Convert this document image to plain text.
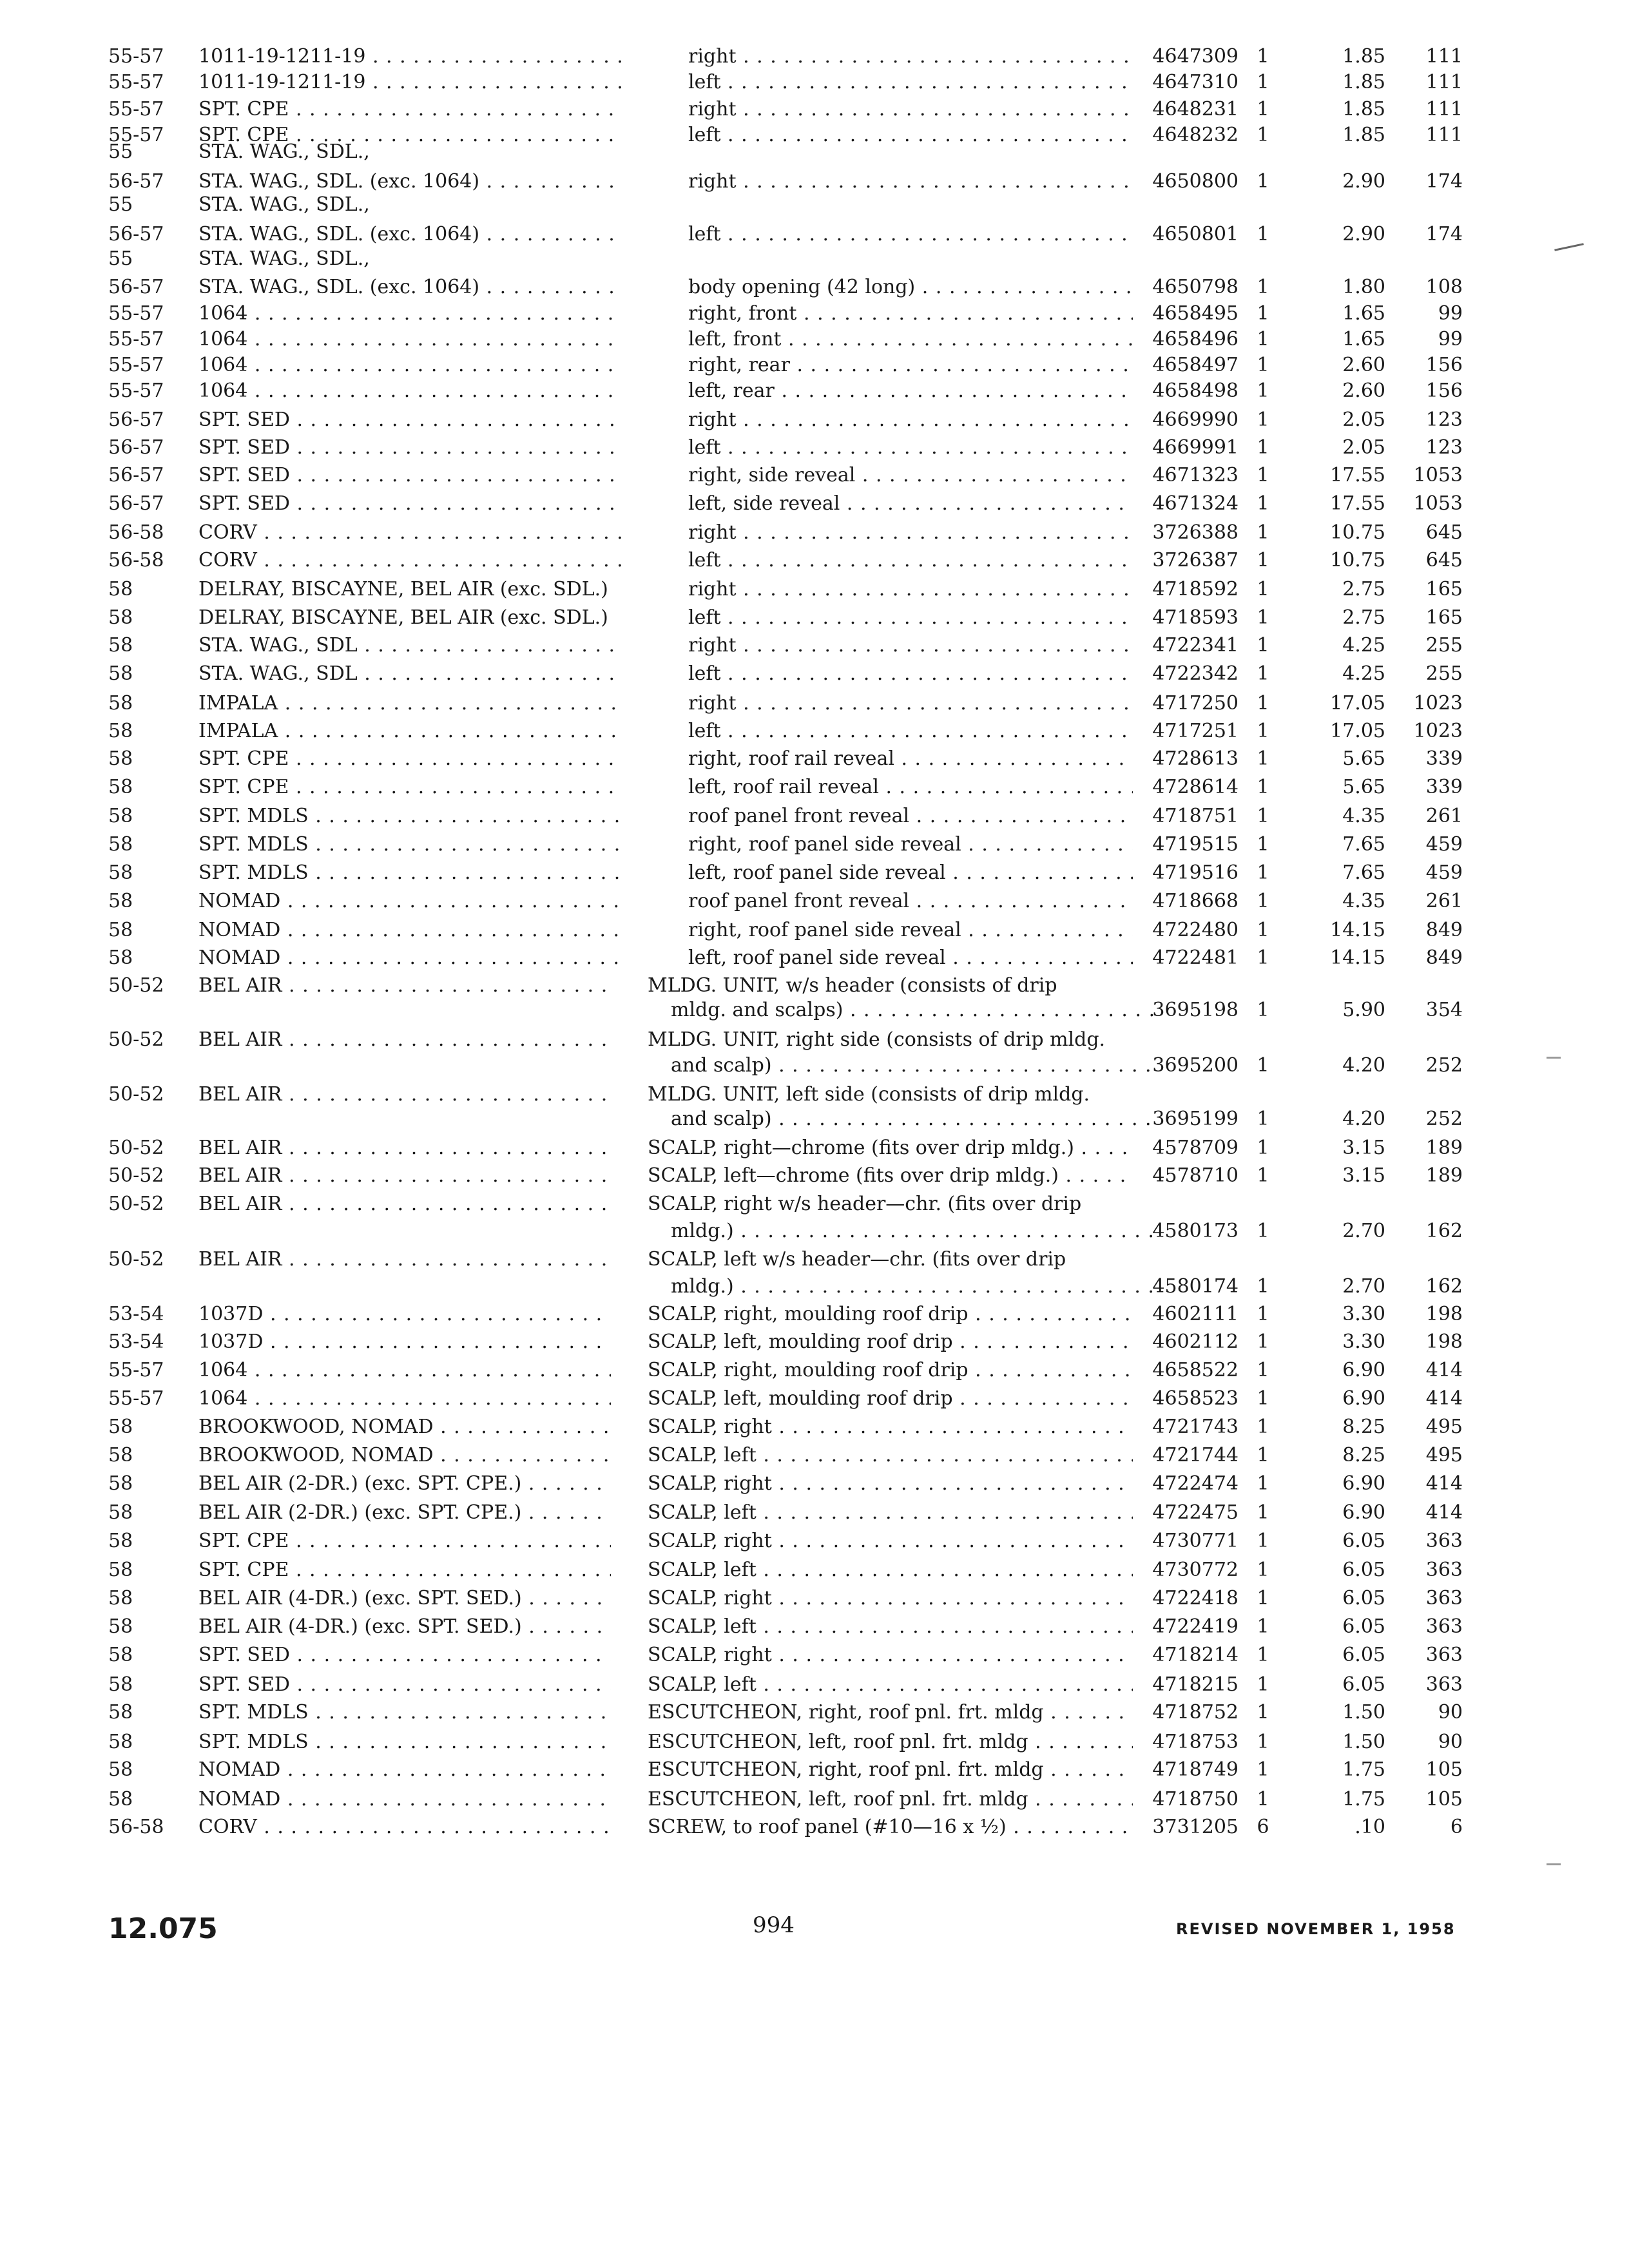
55-57	1011-19-1211-19 . . .	right . . .	4647309 1	1.85	111
55-57	1011-19-1211-19 . . .	left . . .	4647310 1	1.85	111
55-57	SPT. CPE . . .	right . . .	4648231 1	1.85	111
55-57	SPT. CPE . . .	left . . .	4648232 1	1.85	111
55	STA. WAG., SDL.,
56-57	STA. WAG., SDL. (exc. 1064) . . .	right . . .	4650800 1	2.90	174
55	STA. WAG., SDL.,
56-57	STA. WAG., SDL. (exc. 1064) . . .	left . . .	4650801 1	2.90	174
55	STA. WAG., SDL.,
56-57	STA. WAG., SDL. (exc. 1064) . . .	body opening (42 long) . . .	4650798 1	1.80	108
55-57	1064 . . .	right, front . . .	4658495 1	1.65	99
55-57	1064 . . .	left, front . . .	4658496 1	1.65	99
55-57	1064 . . .	right, rear . . .	4658497 1	2.60	156
55-57	1064 . . .	left, rear . . .	4658498 1	2.60	156
56-57	SPT. SED . . .	right . . .	4669990 1	2.05	123
56-57	SPT. SED . . .	left . . .	4669991 1	2.05	123
56-57	SPT. SED . . .	right, side reveal . . .	4671323 1	17.55	1053
56-57	SPT. SED . . .	left, side reveal . . .	4671324 1	17.55	1053
56-58	CORV . . .	right . . .	3726388 1	10.75	645
56-58	CORV . . .	left . . .	3726387 1	10.75	645
58	DELRAY, BISCAYNE, BEL AIR (exc. SDL.)	right . . .	4718592 1	2.75	165
58	DELRAY, BISCAYNE, BEL AIR (exc. SDL.)	left . . .	4718593 1	2.75	165
58	STA. WAG., SDL . . .	right . . .	4722341 1	4.25	255
58	STA. WAG., SDL . . .	left . . .	4722342 1	4.25	255
58	IMPALA . . .	right . . .	4717250 1	17.05	1023
58	IMPALA . . .	left . . .	4717251 1	17.05	1023
58	SPT. CPE . . .	right, roof rail reveal . . .	4728613 1	5.65	339
58	SPT. CPE . . .	left, roof rail reveal . . .	4728614 1	5.65	339
58	SPT. MDLS . . .	roof panel front reveal . . .	4718751 1	4.35	261
58	SPT. MDLS . . .	right, roof panel side reveal . . .	4719515 1	7.65	459
58	SPT. MDLS . . .	left, roof panel side reveal . . .	4719516 1	7.65	459
58	NOMAD . . .	roof panel front reveal . . .	4718668 1	4.35	261
58	NOMAD . . .	right, roof panel side reveal . . .	4722480 1	14.15	849
58	NOMAD . . .	left, roof panel side reveal . . .	4722481 1	14.15	849
50-52	BEL AIR . . .	MLDG. UNIT, w/s header (consists of drip
mldg. and scalps) . . .	3695198 1	5.90	354
50-52	BEL AIR . . .	MLDG. UNIT, right side (consists of drip mldg.
and scalp) . . .	3695200 1	4.20	252
50-52	BEL AIR . . .	MLDG. UNIT, left side (consists of drip mldg.
and scalp) . . .	3695199 1	4.20	252
50-52	BEL AIR . . .	SCALP, right—chrome (fits over drip mldg.) . . .	4578709 1	3.15	189
50-52	BEL AIR . . .	SCALP, left—chrome (fits over drip mldg.) . . .	4578710 1	3.15	189
50-52	BEL AIR . . .	SCALP, right w/s header—chr. (fits over drip
mldg.) . . .	4580173 1	2.70	162
50-52	BEL AIR . . .	SCALP, left w/s header—chr. (fits over drip
mldg.) . . .	4580174 1	2.70	162
53-54	1037D . . .	SCALP, right, moulding roof drip . . .	4602111 1	3.30	198
53-54	1037D . . .	SCALP, left, moulding roof drip . . .	4602112 1	3.30	198
55-57	1064 . . .	SCALP, right, moulding roof drip . . .	4658522 1	6.90	414
55-57	1064 . . .	SCALP, left, moulding roof drip . . .	4658523 1	6.90	414
58	BROOKWOOD, NOMAD . . .	SCALP, right . . .	4721743 1	8.25	495
58	BROOKWOOD, NOMAD . . .	SCALP, left . . .	4721744 1	8.25	495
58	BEL AIR (2-DR.) (exc. SPT. CPE.) . . .	SCALP, right . . .	4722474 1	6.90	414
58	BEL AIR (2-DR.) (exc. SPT. CPE.) . . .	SCALP, left . . .	4722475 1	6.90	414
58	SPT. CPE . . .	SCALP, right . . .	4730771 1	6.05	363
58	SPT. CPE . . .	SCALP, left . . .	4730772 1	6.05	363
58	BEL AIR (4-DR.) (exc. SPT. SED.) . . .	SCALP, right . . .	4722418 1	6.05	363
58	BEL AIR (4-DR.) (exc. SPT. SED.) . . .	SCALP, left . . .	4722419 1	6.05	363
58	SPT. SED . . .	SCALP, right . . .	4718214 1	6.05	363
58	SPT. SED . . .	SCALP, left . . .	4718215 1	6.05	363
58	SPT. MDLS . . .	ESCUTCHEON, right, roof pnl. frt. mldg . . .	4718752 1	1.50	90
58	SPT. MDLS . . .	ESCUTCHEON, left, roof pnl. frt. mldg . . .	4718753 1	1.50	90
58	NOMAD . . .	ESCUTCHEON, right, roof pnl. frt. mldg . . .	4718749 1	1.75	105
58	NOMAD . . .	ESCUTCHEON, left, roof pnl. frt. mldg . . .	4718750 1	1.75	105
56-58	CORV . . .	SCREW, to roof panel (#10—16 x ½) . . .	3731205 6	.10	6
12.075	994	REVISED NOVEMBER 1, 1958
